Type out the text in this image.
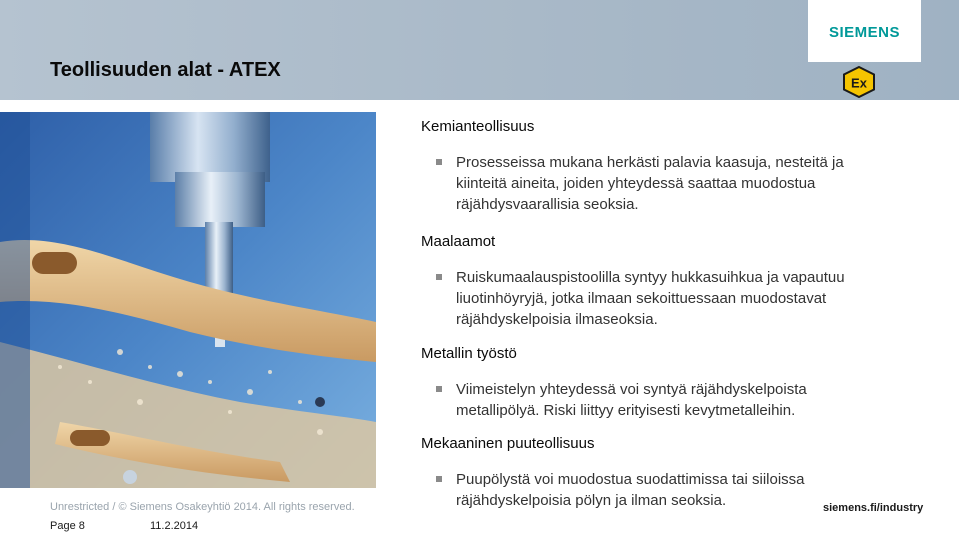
Teollisuuden alat - ATEX
SIEMENS
Ex
Kemianteollisuus
Prosesseissa mukana herkästi palavia kaasuja, nesteitä ja kiinteitä aineita, joiden yhteydessä saattaa muodostua räjähdysvaarallisia seoksia.
Maalaamot
Ruiskumaalauspistoolilla syntyy hukkasuihkua ja vapautuu liuotinhöyryjä, jotka ilmaan sekoittuessaan muodostavat räjähdyskelpoisia ilmaseoksia.
Metallin työstö
Viimeistelyn yhteydessä voi syntyä räjähdyskelpoista metallipölyä. Riski liittyy erityisesti kevytmetalleihin.
Mekaaninen puuteollisuus
Puupölystä voi muodostua suodattimissa tai siiloissa räjähdyskelpoisia pölyn ja ilman seoksia.
Unrestricted / © Siemens Osakeyhtiö 2014. All rights reserved.
Page 8	11.2.2014
siemens.fi/industry
